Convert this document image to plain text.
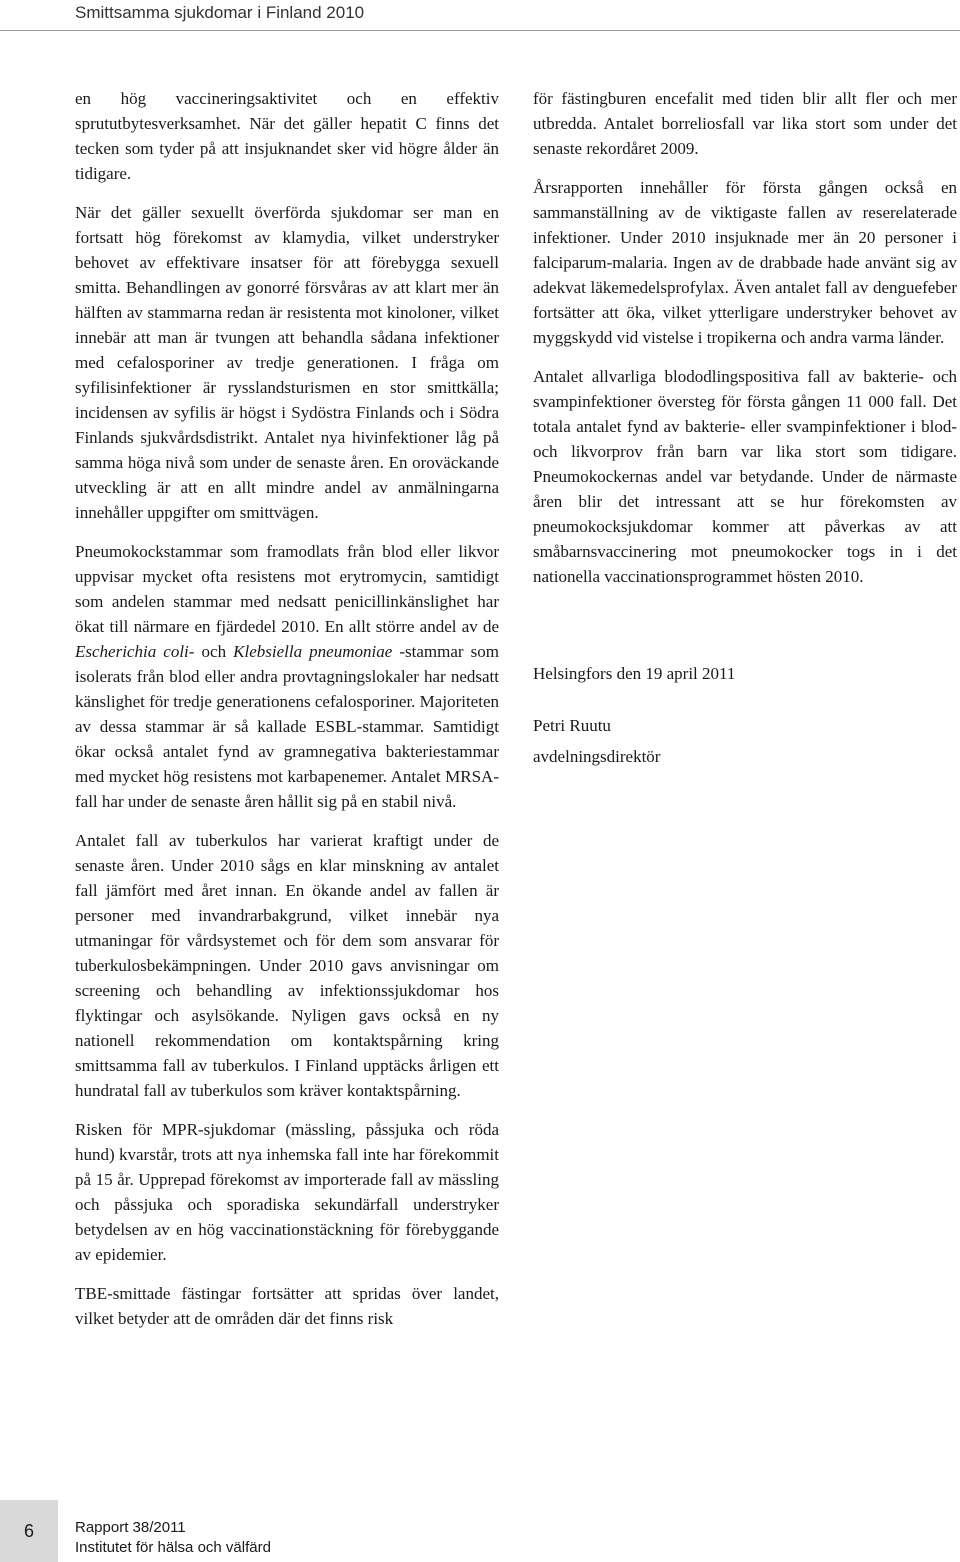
Smittsamma sjukdomar i Finland 2010

en hög vaccineringsaktivitet och en effektiv sprututbytesverksamhet. När det gäller hepatit C finns det tecken som tyder på att insjuknandet sker vid högre ålder än tidigare.

När det gäller sexuellt överförda sjukdomar ser man en fortsatt hög förekomst av klamydia, vilket understryker behovet av effektivare insatser för att förebygga sexuell smitta. Behandlingen av gonorré försvåras av att klart mer än hälften av stammarna redan är resistenta mot kinoloner, vilket innebär att man är tvungen att behandla sådana infektioner med cefalosporiner av tredje generationen. I fråga om syfilisinfektioner är rysslandsturismen en stor smittkälla; incidensen av syfilis är högst i Sydöstra Finlands och i Södra Finlands sjukvårdsdistrikt. Antalet nya hivinfektioner låg på samma höga nivå som under de senaste åren. En oroväckande utveckling är att en allt mindre andel av anmälningarna innehåller uppgifter om smittvägen.

Pneumokockstammar som framodlats från blod eller likvor uppvisar mycket ofta resistens mot erytromycin, samtidigt som andelen stammar med nedsatt penicillinkänslighet har ökat till närmare en fjärdedel 2010. En allt större andel av de Escherichia coli- och Klebsiella pneumoniae -stammar som isolerats från blod eller andra provtagningslokaler har nedsatt känslighet för tredje generationens cefalosporiner. Majoriteten av dessa stammar är så kallade ESBL-stammar. Samtidigt ökar också antalet fynd av gramnegativa bakteriestammar med mycket hög resistens mot karbapenemer. Antalet MRSA-fall har under de senaste åren hållit sig på en stabil nivå.

Antalet fall av tuberkulos har varierat kraftigt under de senaste åren. Under 2010 sågs en klar minskning av antalet fall jämfört med året innan. En ökande andel av fallen är personer med invandrarbakgrund, vilket innebär nya utmaningar för vårdsystemet och för dem som ansvarar för tuberkulosbekämpningen. Under 2010 gavs anvisningar om screening och behandling av infektionssjukdomar hos flyktingar och asylsökande. Nyligen gavs också en ny nationell rekommendation om kontaktspårning kring smittsamma fall av tuberkulos. I Finland upptäcks årligen ett hundratal fall av tuberkulos som kräver kontaktspårning.

Risken för MPR-sjukdomar (mässling, påssjuka och röda hund) kvarstår, trots att nya inhemska fall inte har förekommit på 15 år. Upprepad förekomst av importerade fall av mässling och påssjuka och sporadiska sekundärfall understryker betydelsen av en hög vaccinationstäckning för förebyggande av epidemier.

TBE-smittade fästingar fortsätter att spridas över landet, vilket betyder att de områden där det finns risk

för fästingburen encefalit med tiden blir allt fler och mer utbredda. Antalet borreliosfall var lika stort som under det senaste rekordåret 2009.

Årsrapporten innehåller för första gången också en sammanställning av de viktigaste fallen av reserelaterade infektioner. Under 2010 insjuknade mer än 20 personer i falciparum-malaria. Ingen av de drabbade hade använt sig av adekvat läkemedelsprofylax. Även antalet fall av denguefeber fortsätter att öka, vilket ytterligare understryker behovet av myggskydd vid vistelse i tropikerna och andra varma länder.

Antalet allvarliga blododlingspositiva fall av bakterie- och svampinfektioner översteg för första gången 11 000 fall. Det totala antalet fynd av bakterie- eller svampinfektioner i blod- och likvorprov från barn var lika stort som tidigare. Pneumokockernas andel var betydande. Under de närmaste åren blir det intressant att se hur förekomsten av pneumokocksjukdomar kommer att påverkas av att småbarnsvaccinering mot pneumokocker togs in i det nationella vaccinationsprogrammet hösten 2010.

Helsingfors den 19 april 2011

Petri Ruutu

avdelningsdirektör

6	Rapport 38/2011
Institutet för hälsa och välfärd
